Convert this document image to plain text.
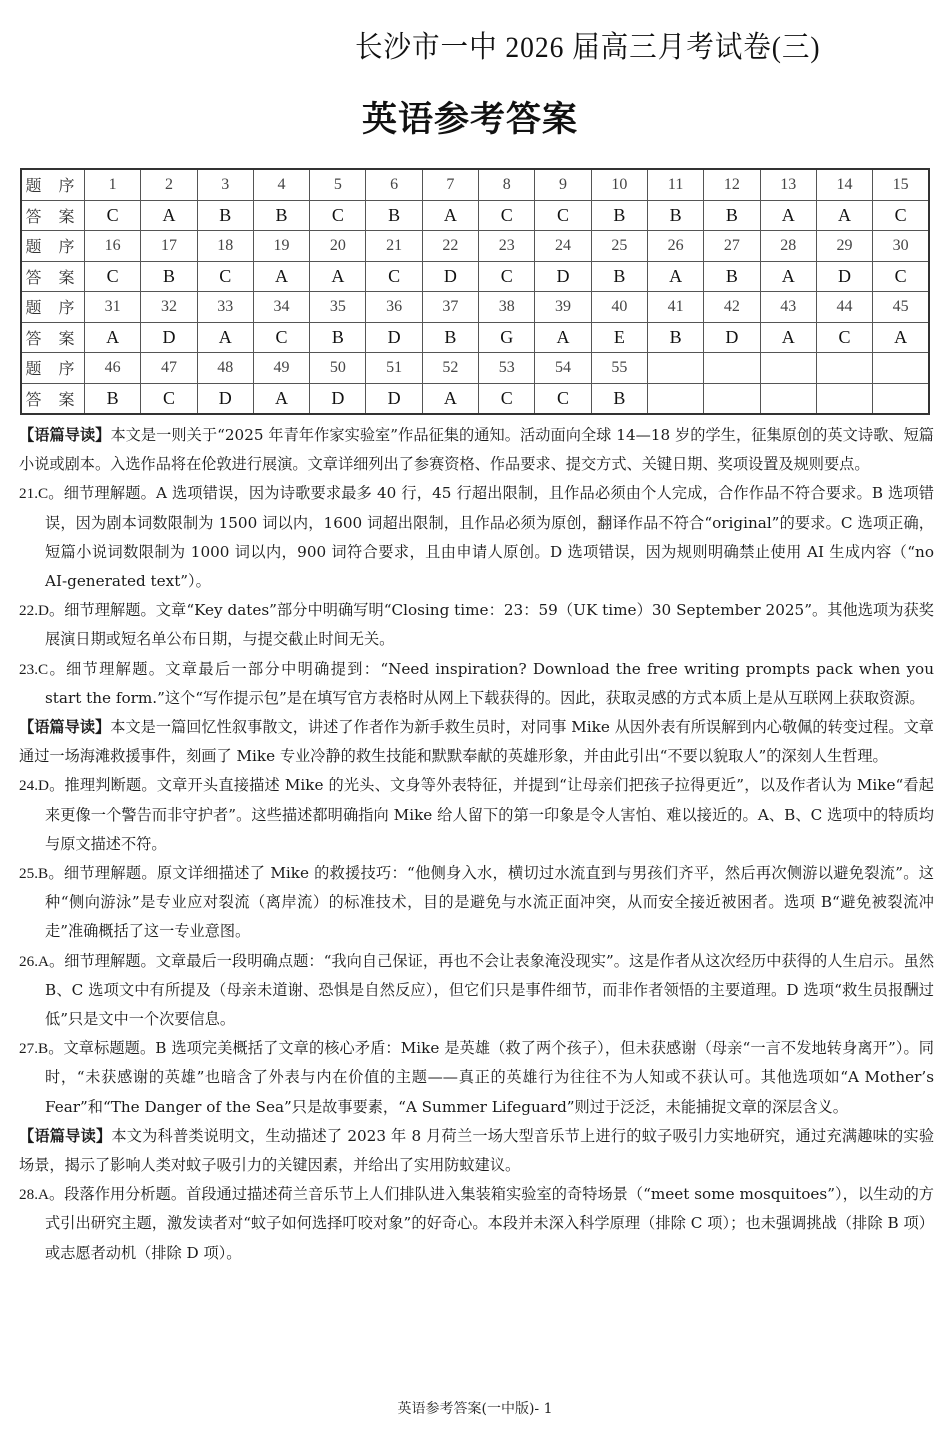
长沙市一中 2026 届高三月考试卷(三)
英语参考答案
题 序	1	2	3	4	5	6	7	8	9	10	11	12	13	14	15
答 案	C	A	B	B	C	B	A	C	C	B	B	B	A	A	C
题 序	16	17	18	19	20	21	22	23	24	25	26	27	28	29	30
答 案	C	B	C	A	A	C	D	C	D	B	A	B	A	D	C
题 序	31	32	33	34	35	36	37	38	39	40	41	42	43	44	45
答 案	A	D	A	C	B	D	B	G	A	E	B	D	A	C	A
题 序	46	47	48	49	50	51	52	53	54	55					
答 案	B	C	D	A	D	D	A	C	C	B					

【语篇导读】本文是一则关于“2025 年青年作家实验室”作品征集的通知。活动面向全球 14—18 岁的学生，征集原创的英文诗歌、短篇小说或剧本。入选作品将在伦敦进行展演。文章详细列出了参赛资格、作品要求、提交方式、关键日期、奖项设置及规则要点。

21.C。细节理解题。A 选项错误，因为诗歌要求最多 40 行，45 行超出限制，且作品必须由个人完成，合作作品不符合要求。B 选项错误，因为剧本词数限制为 1500 词以内，1600 词超出限制，且作品必须为原创，翻译作品不符合“original”的要求。C 选项正确，短篇小说词数限制为 1000 词以内，900 词符合要求，且由申请人原创。D 选项错误，因为规则明确禁止使用 AI 生成内容（“no AI-generated text”）。

22.D。细节理解题。文章“Key dates”部分中明确写明“Closing time：23：59（UK time）30 September 2025”。其他选项为获奖展演日期或短名单公布日期，与提交截止时间无关。

23.C。细节理解题。文章最后一部分中明确提到：“Need inspiration? Download the free writing prompts pack when you start the form.”这个“写作提示包”是在填写官方表格时从网上下载获得的。因此，获取灵感的方式本质上是从互联网上获取资源。

【语篇导读】本文是一篇回忆性叙事散文，讲述了作者作为新手救生员时，对同事 Mike 从因外表有所误解到内心敬佩的转变过程。文章通过一场海滩救援事件，刻画了 Mike 专业冷静的救生技能和默默奉献的英雄形象，并由此引出“不要以貌取人”的深刻人生哲理。

24.D。推理判断题。文章开头直接描述 Mike 的光头、文身等外表特征，并提到“让母亲们把孩子拉得更近”，以及作者认为 Mike“看起来更像一个警告而非守护者”。这些描述都明确指向 Mike 给人留下的第一印象是令人害怕、难以接近的。A、B、C 选项中的特质均与原文描述不符。

25.B。细节理解题。原文详细描述了 Mike 的救援技巧：“他侧身入水，横切过水流直到与男孩们齐平，然后再次侧游以避免裂流”。这种“侧向游泳”是专业应对裂流（离岸流）的标准技术，目的是避免与水流正面冲突，从而安全接近被困者。选项 B“避免被裂流冲走”准确概括了这一专业意图。

26.A。细节理解题。文章最后一段明确点题：“我向自己保证，再也不会让表象淹没现实”。这是作者从这次经历中获得的人生启示。虽然 B、C 选项文中有所提及（母亲未道谢、恐惧是自然反应），但它们只是事件细节，而非作者领悟的主要道理。D 选项“救生员报酬过低”只是文中一个次要信息。

27.B。文章标题题。B 选项完美概括了文章的核心矛盾：Mike 是英雄（救了两个孩子），但未获感谢（母亲“一言不发地转身离开”）。同时，“未获感谢的英雄”也暗含了外表与内在价值的主题——真正的英雄行为往往不为人知或不获认可。其他选项如“A Mother’s Fear”和“The Danger of the Sea”只是故事要素，“A Summer Lifeguard”则过于泛泛，未能捕捉文章的深层含义。

【语篇导读】本文为科普类说明文，生动描述了 2023 年 8 月荷兰一场大型音乐节上进行的蚊子吸引力实地研究，通过充满趣味的实验场景，揭示了影响人类对蚊子吸引力的关键因素，并给出了实用防蚊建议。

28.A。段落作用分析题。首段通过描述荷兰音乐节上人们排队进入集装箱实验室的奇特场景（“meet some mosquitoes”），以生动的方式引出研究主题，激发读者对“蚊子如何选择叮咬对象”的好奇心。本段并未深入科学原理（排除 C 项）；也未强调挑战（排除 B 项）或志愿者动机（排除 D 项）。

英语参考答案(一中版)- 1
